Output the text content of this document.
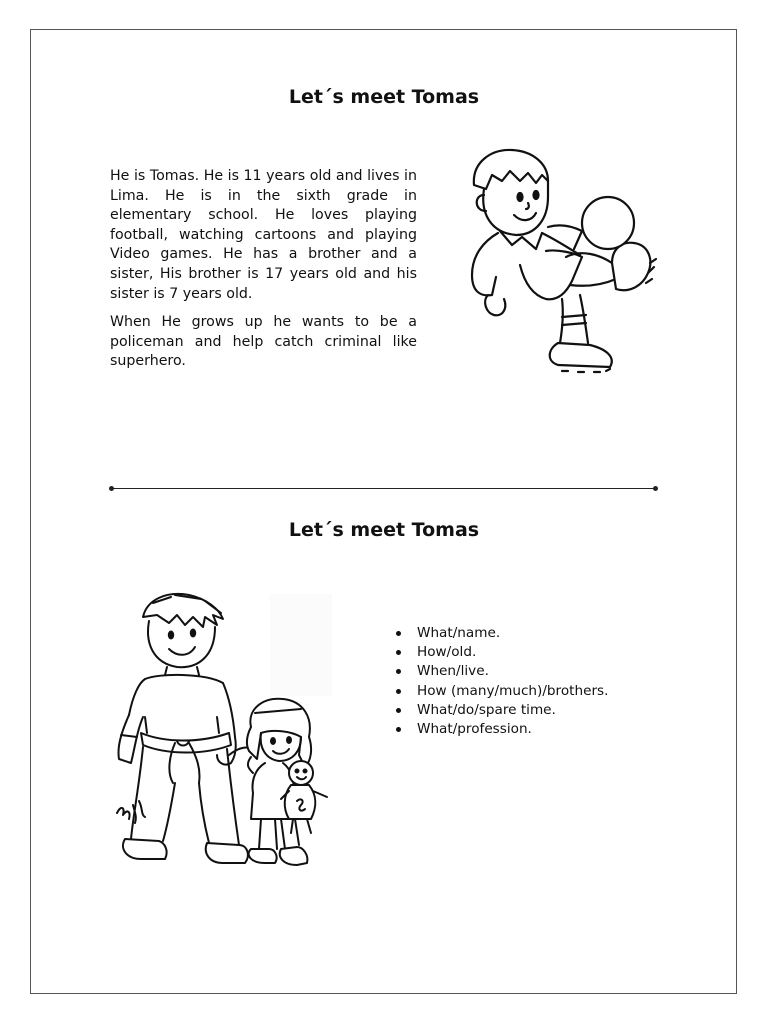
Let´s meet Tomas

He is Tomas. He is 11 years old and lives in Lima. He is in the sixth grade in elementary school. He loves playing football, watching cartoons and playing Video games. He has a brother and a sister, His brother is 17 years old and his sister is 7 years old.

When He grows up he wants to be a policeman and help catch criminal like superhero.

Let´s meet Tomas
What/name.
How/old.
When/live.
How (many/much)/brothers.
What/do/spare time.
What/profession.
